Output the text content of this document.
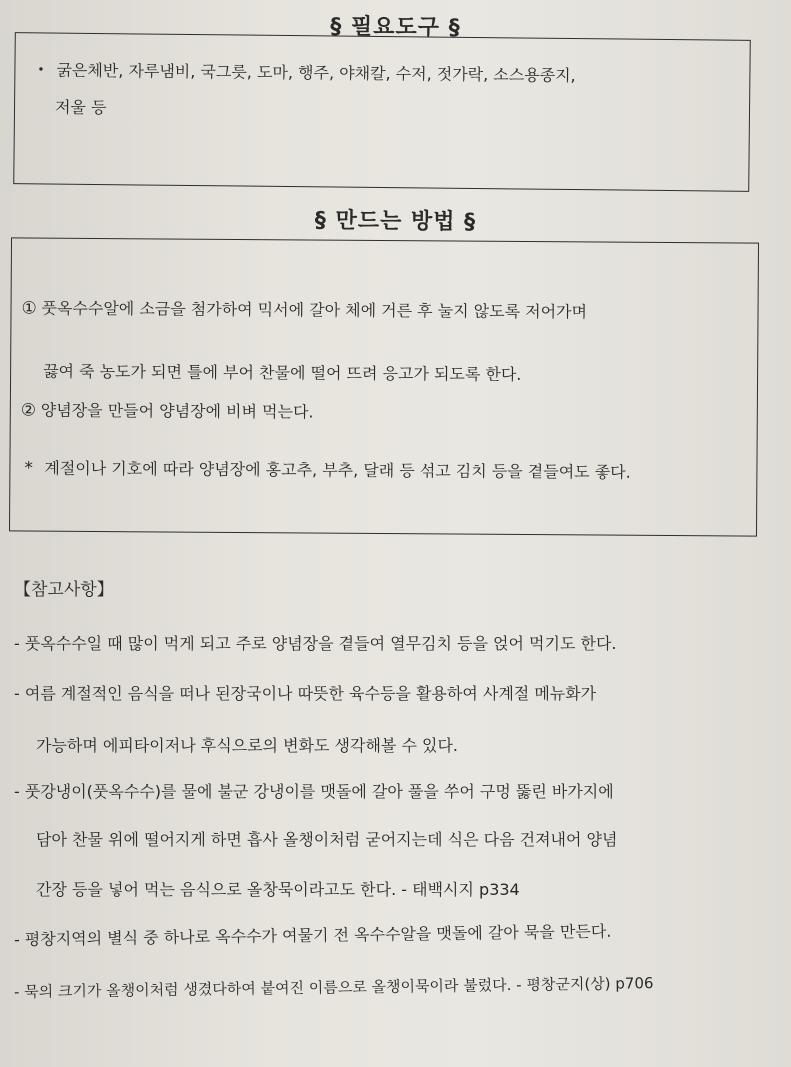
§ 필요도구 §
• 굵은체반, 자루냄비, 국그릇, 도마, 행주, 야채칼, 수저, 젓가락, 소스용종지,
저울 등
§ 만드는 방법 §
① 풋옥수수알에 소금을 첨가하여 믹서에 갈아 체에 거른 후 눌지 않도록 저어가며
끓여 죽 농도가 되면 틀에 부어 찬물에 떨어 뜨려 응고가 되도록 한다.
② 양념장을 만들어 양념장에 비벼 먹는다.
* 계절이나 기호에 따라 양념장에 홍고추, 부추, 달래 등 섞고 김치 등을 곁들여도 좋다.
【참고사항】
- 풋옥수수일 때 많이 먹게 되고 주로 양념장을 곁들여 열무김치 등을 얹어 먹기도 한다.
- 여름 계절적인 음식을 떠나 된장국이나 따뜻한 육수등을 활용하여 사계절 메뉴화가
가능하며 에피타이저나 후식으로의 변화도 생각해볼 수 있다.
- 풋강냉이(풋옥수수)를 물에 불군 강냉이를 맷돌에 갈아 풀을 쑤어 구멍 뚫린 바가지에
담아 찬물 위에 떨어지게 하면 흡사 올챙이처럼 굳어지는데 식은 다음 건져내어 양념
간장 등을 넣어 먹는 음식으로 올창묵이라고도 한다. - 태백시지 p334
- 평창지역의 별식 중 하나로 옥수수가 여물기 전 옥수수알을 맷돌에 갈아 묵을 만든다.
- 묵의 크기가 올챙이처럼 생겼다하여 붙여진 이름으로 올챙이묵이라 불렀다. - 평창군지(상) p706
